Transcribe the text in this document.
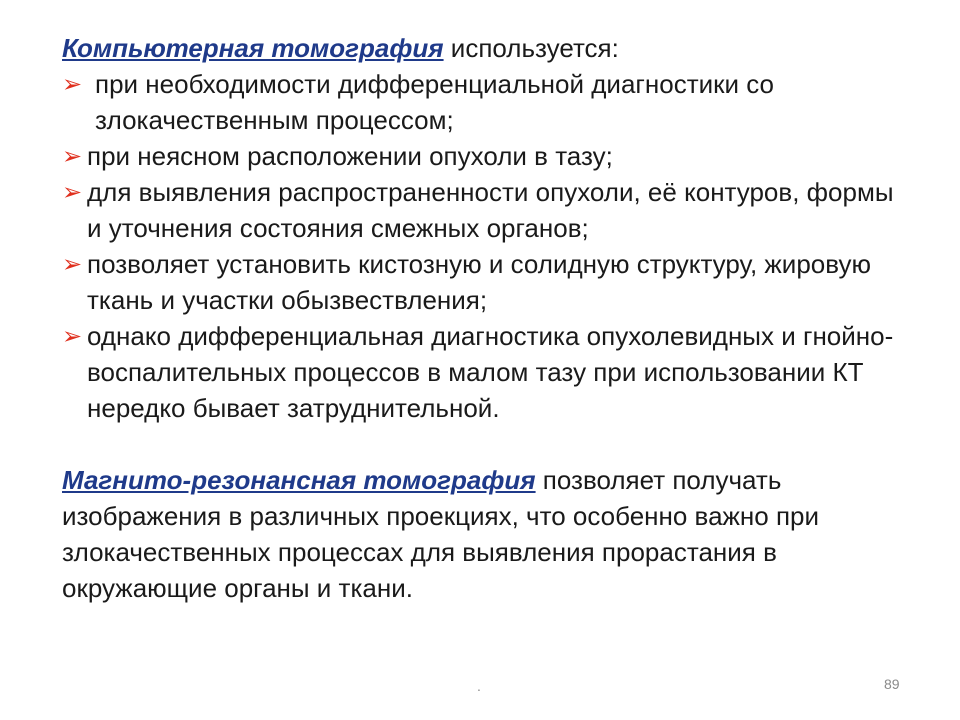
Компьютерная томография используется:

➢ при необходимости дифференциальной диагностики со злокачественным процессом;
➢ при неясном расположении опухоли в тазу;
➢ для выявления распространенности опухоли, её контуров, формы и уточнения состояния смежных органов;
➢ позволяет установить кистозную и солидную структуру, жировую ткань и участки обызвествления;
➢ однако дифференциальная диагностика опухолевидных и гнойно-воспалительных процессов в малом тазу при использовании КТ нередко бывает затруднительной.

Магнито-резонансная томография позволяет получать изображения в различных проекциях, что особенно важно при злокачественных процессах для выявления прорастания в окружающие органы и ткани.

.	89
